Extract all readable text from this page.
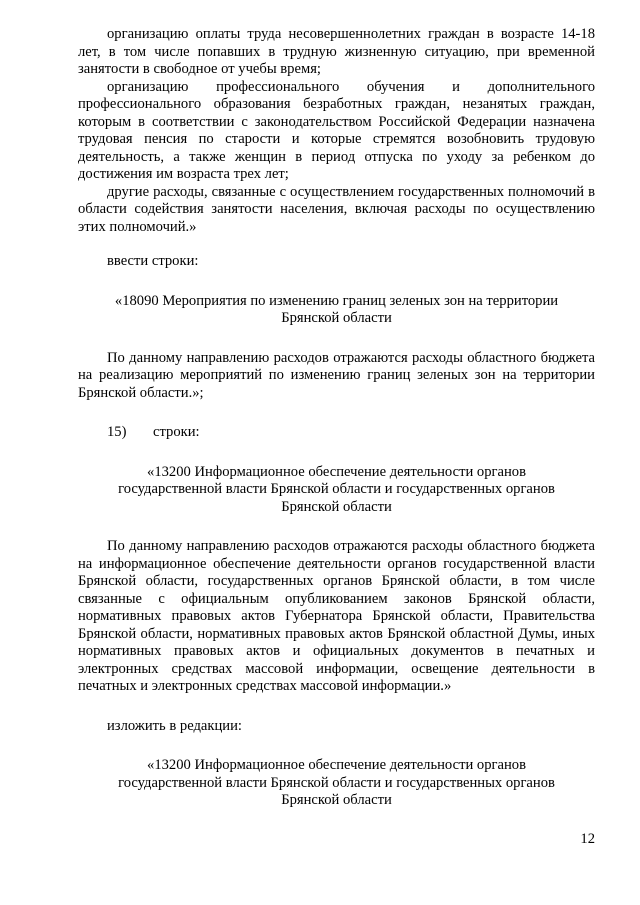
организацию оплаты труда несовершеннолетних граждан в возрасте 14-18 лет, в том числе попавших в трудную жизненную ситуацию, при временной занятости в свободное от учебы время;

организацию профессионального обучения и дополнительного профессионального образования безработных граждан, незанятых граждан, которым в соответствии с законодательством Российской Федерации назначена трудовая пенсия по старости и которые стремятся возобновить трудовую деятельность, а также женщин в период отпуска по уходу за ребенком до достижения им возраста трех лет;

другие расходы, связанные с осуществлением государственных полномочий в области содействия занятости населения, включая расходы по осуществлению этих полномочий.»

ввести строки:

«18090 Мероприятия по изменению границ зеленых зон на территории

Брянской области

По данному направлению расходов отражаются расходы областного бюджета на реализацию мероприятий по изменению границ зеленых зон на территории Брянской области.»;

15) строки:

«13200 Информационное обеспечение деятельности органов

государственной власти Брянской области и государственных органов

Брянской области

По данному направлению расходов отражаются расходы областного бюджета на информационное обеспечение деятельности органов государственной власти Брянской области, государственных органов Брянской области, в том числе связанные с официальным опубликованием законов Брянской области, нормативных правовых актов Губернатора Брянской области, Правительства Брянской области, нормативных правовых актов Брянской областной Думы, иных нормативных правовых актов и официальных документов в печатных и электронных средствах массовой информации, освещение деятельности в печатных и электронных средствах массовой информации.»

изложить в редакции:

«13200 Информационное обеспечение деятельности органов

государственной власти Брянской области и государственных органов

Брянской области

12
